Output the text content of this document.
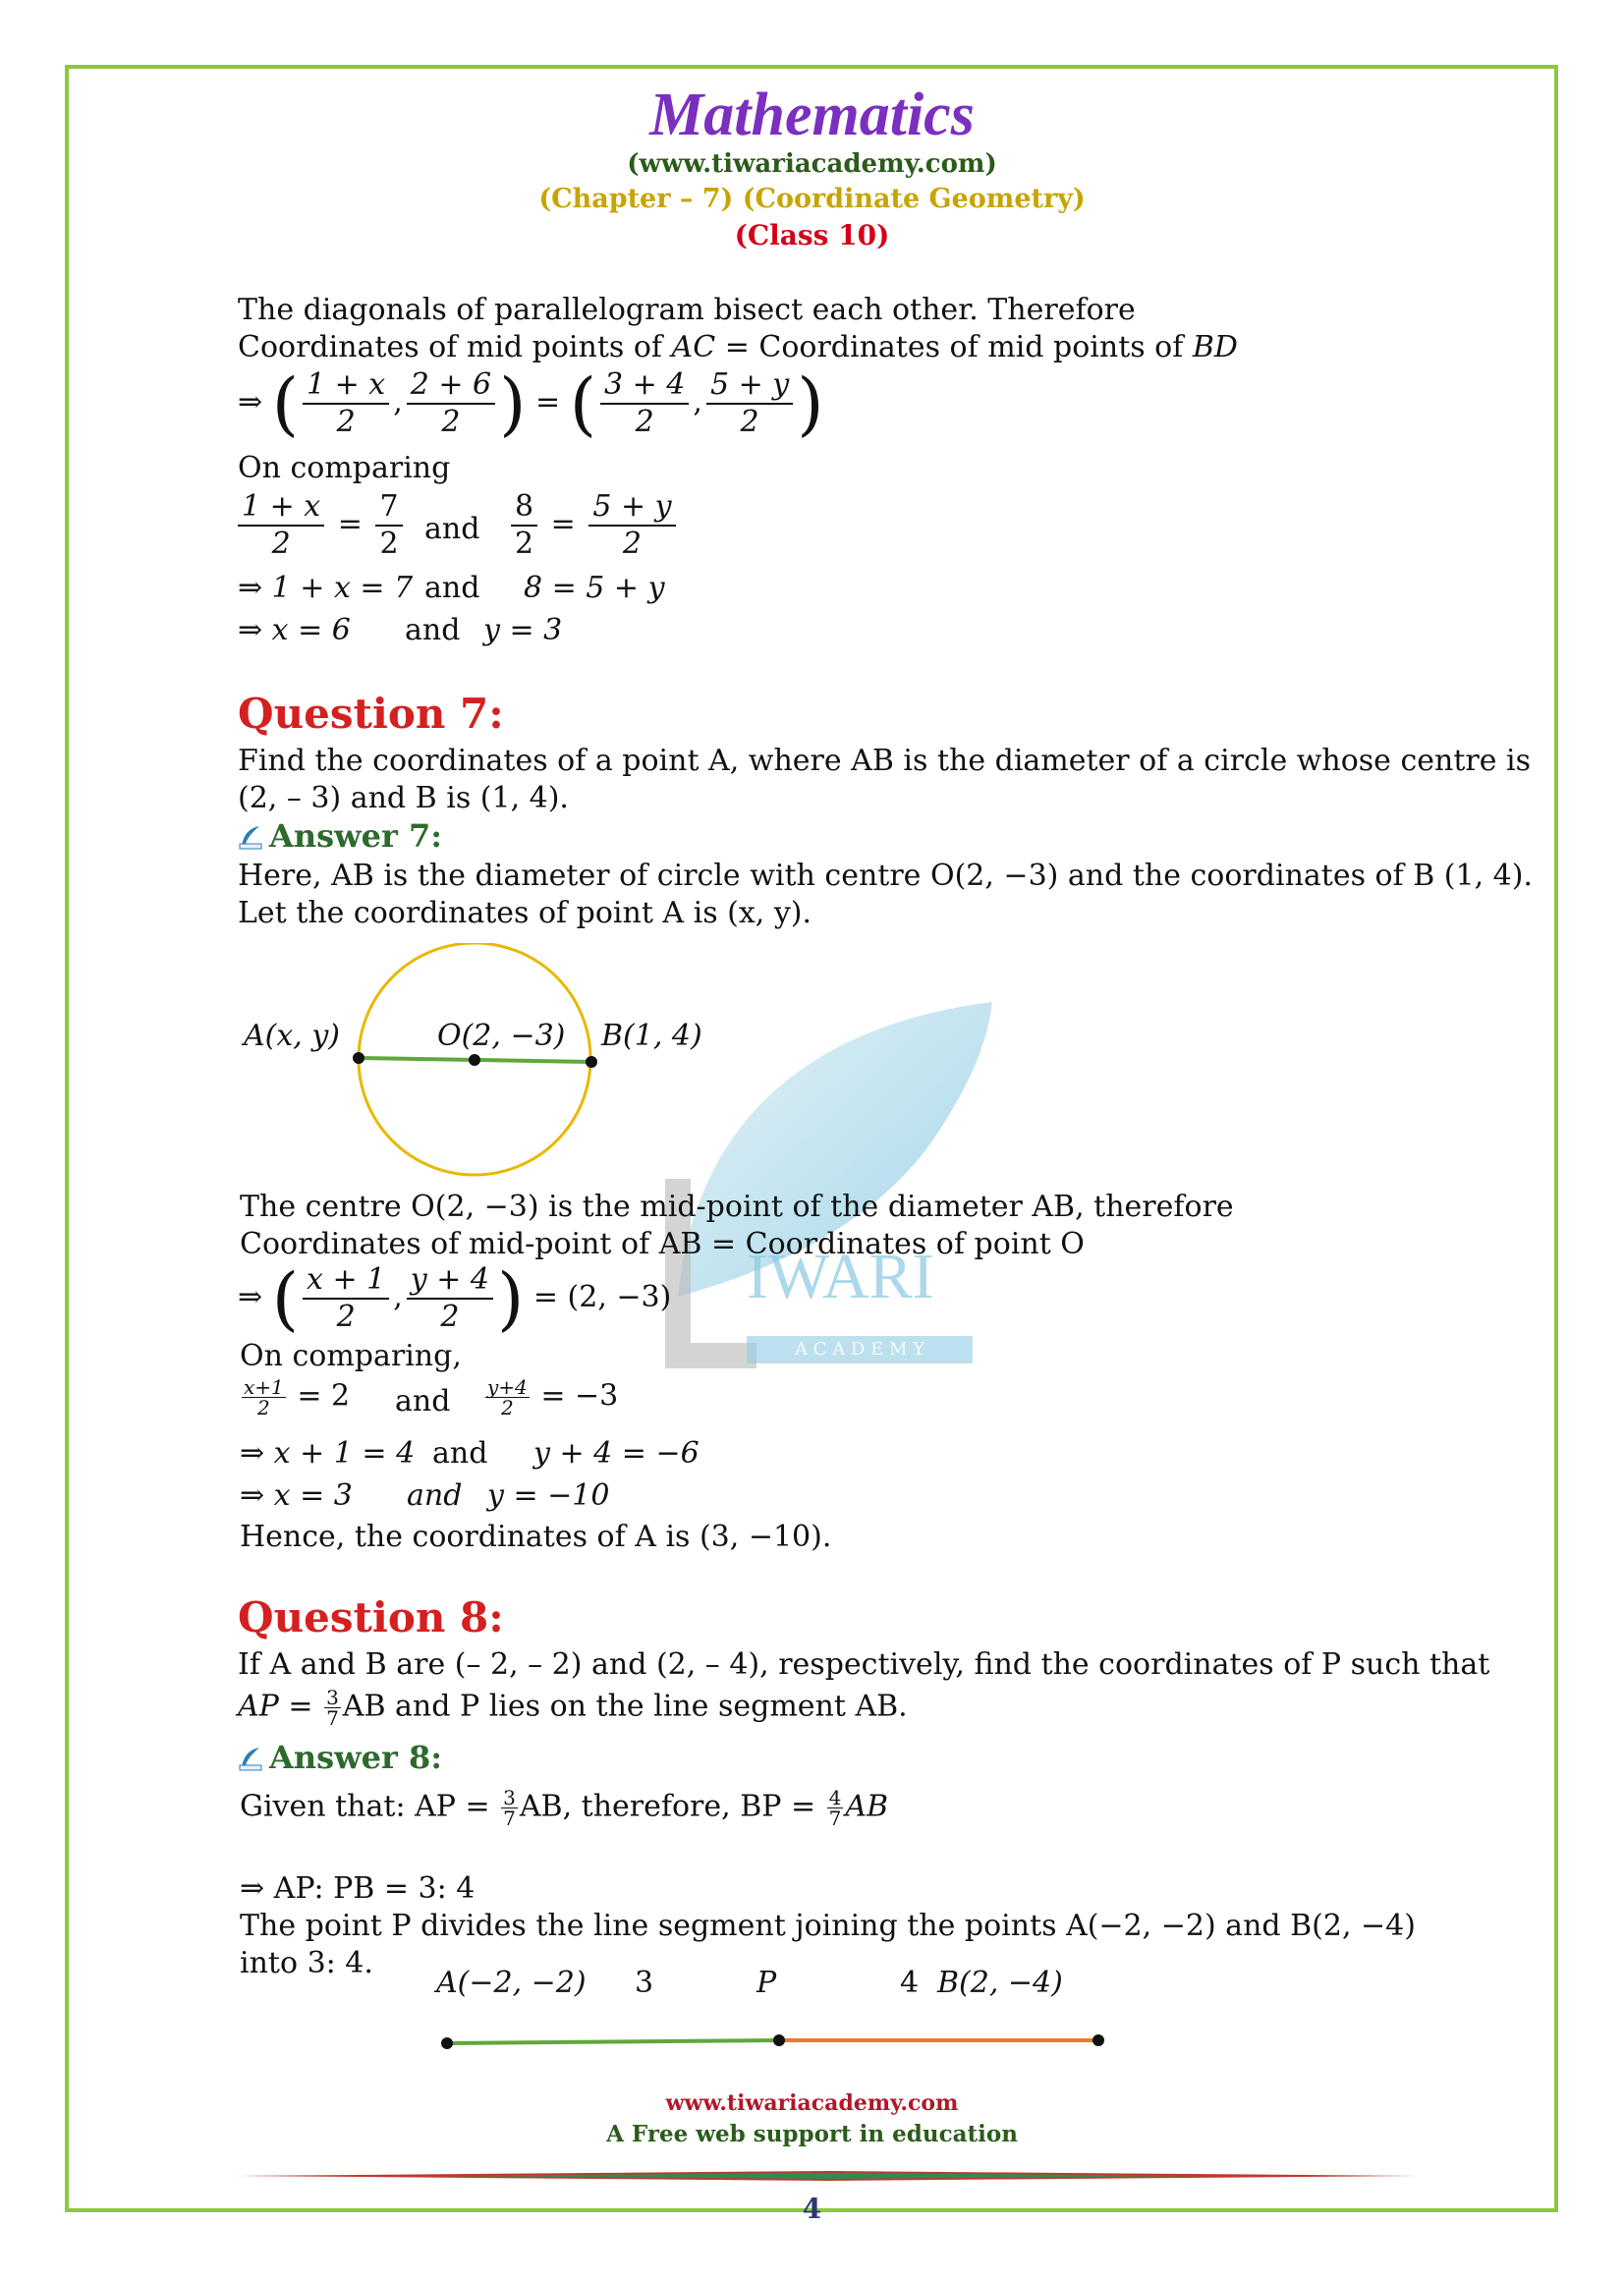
Mathematics
(www.tiwariacademy.com)
(Chapter – 7) (Coordinate Geometry)
(Class 10)
IWARI
A C A D E M Y
The diagonals of parallelogram bisect each other. Therefore
Coordinates of mid points of AC = Coordinates of mid points of BD
⇒ ( $\frac{1 + x}{2}$ , $\frac{2 + 6}{2}$ ) = ( $\frac{3 + 4}{2}$ , $\frac{5 + y}{2}$ )
On comparing
$\frac{1 + x}{2} = \frac{7}{2}$ and $\frac{8}{2} = \frac{5 + y}{2}$
⇒ 1 + x = 7 and 8 = 5 + y
⇒ x = 6 and y = 3
Question 7:
Find the coordinates of a point A, where AB is the diameter of a circle whose centre is
(2, – 3) and B is (1, 4).
Answer 7:
Here, AB is the diameter of circle with centre O(2, −3) and the coordinates of B (1, 4).
Let the coordinates of point A is (x, y).
A(x, y)	O(2, −3) B(1, 4)
The centre O(2, −3) is the mid-point of the diameter AB, therefore
Coordinates of mid-point of AB = Coordinates of point O
⇒ ( $\frac{x + 1}{2}$ , $\frac{y + 4}{2}$ ) = (2, −3)
On comparing,
$\frac{x+1}{2} = 2$ and $\frac{y+4}{2} = -3$
⇒ x + 1 = 4 and y + 4 = −6
⇒ x = 3 and y = −10
Hence, the coordinates of A is (3, −10).
Question 8:
If A and B are (– 2, – 2) and (2, – 4), respectively, find the coordinates of P such that
AP = $\frac{3}{7}$ AB and P lies on the line segment AB.
Answer 8:
Given that: AP = $\frac{3}{7}$ AB, therefore, BP = $\frac{4}{7}$ AB
⇒ AP: PB = 3: 4
The point P divides the line segment joining the points A(−2, −2) and B(2, −4)
into 3: 4.
A(−2, −2) 3	P	4 B(2, −4)
www.tiwariacademy.com
A Free web support in education
4
